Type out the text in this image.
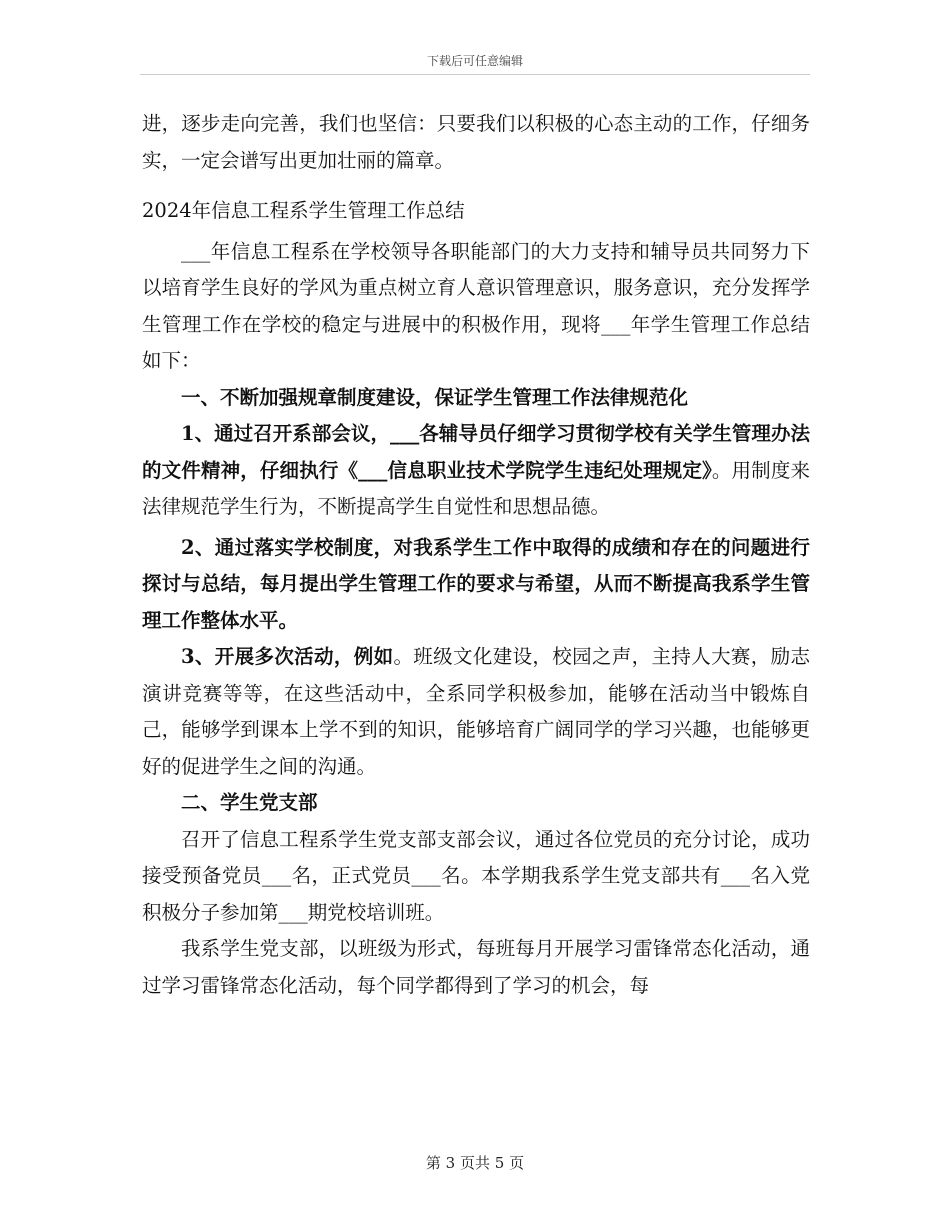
下载后可任意编辑

进，逐步走向完善，我们也坚信：只要我们以积极的心态主动的工作，仔细务实，一定会谱写出更加壮丽的篇章。

2024年信息工程系学生管理工作总结

___年信息工程系在学校领导各职能部门的大力支持和辅导员共同努力下以培育学生良好的学风为重点树立育人意识管理意识，服务意识，充分发挥学生管理工作在学校的稳定与进展中的积极作用，现将___年学生管理工作总结如下：

一、不断加强规章制度建设，保证学生管理工作法律规范化

1、通过召开系部会议，___各辅导员仔细学习贯彻学校有关学生管理办法的文件精神，仔细执行《___信息职业技术学院学生违纪处理规定》。用制度来法律规范学生行为，不断提高学生自觉性和思想品德。

2、通过落实学校制度，对我系学生工作中取得的成绩和存在的问题进行探讨与总结，每月提出学生管理工作的要求与希望，从而不断提高我系学生管理工作整体水平。

3、开展多次活动，例如。班级文化建设，校园之声，主持人大赛，励志演讲竞赛等等，在这些活动中，全系同学积极参加，能够在活动当中锻炼自己，能够学到课本上学不到的知识，能够培育广阔同学的学习兴趣，也能够更好的促进学生之间的沟通。

二、学生党支部

召开了信息工程系学生党支部支部会议，通过各位党员的充分讨论，成功接受预备党员___名，正式党员___名。本学期我系学生党支部共有___名入党积极分子参加第___期党校培训班。

我系学生党支部，以班级为形式，每班每月开展学习雷锋常态化活动，通过学习雷锋常态化活动，每个同学都得到了学习的机会，每

第 3 页共 5 页
